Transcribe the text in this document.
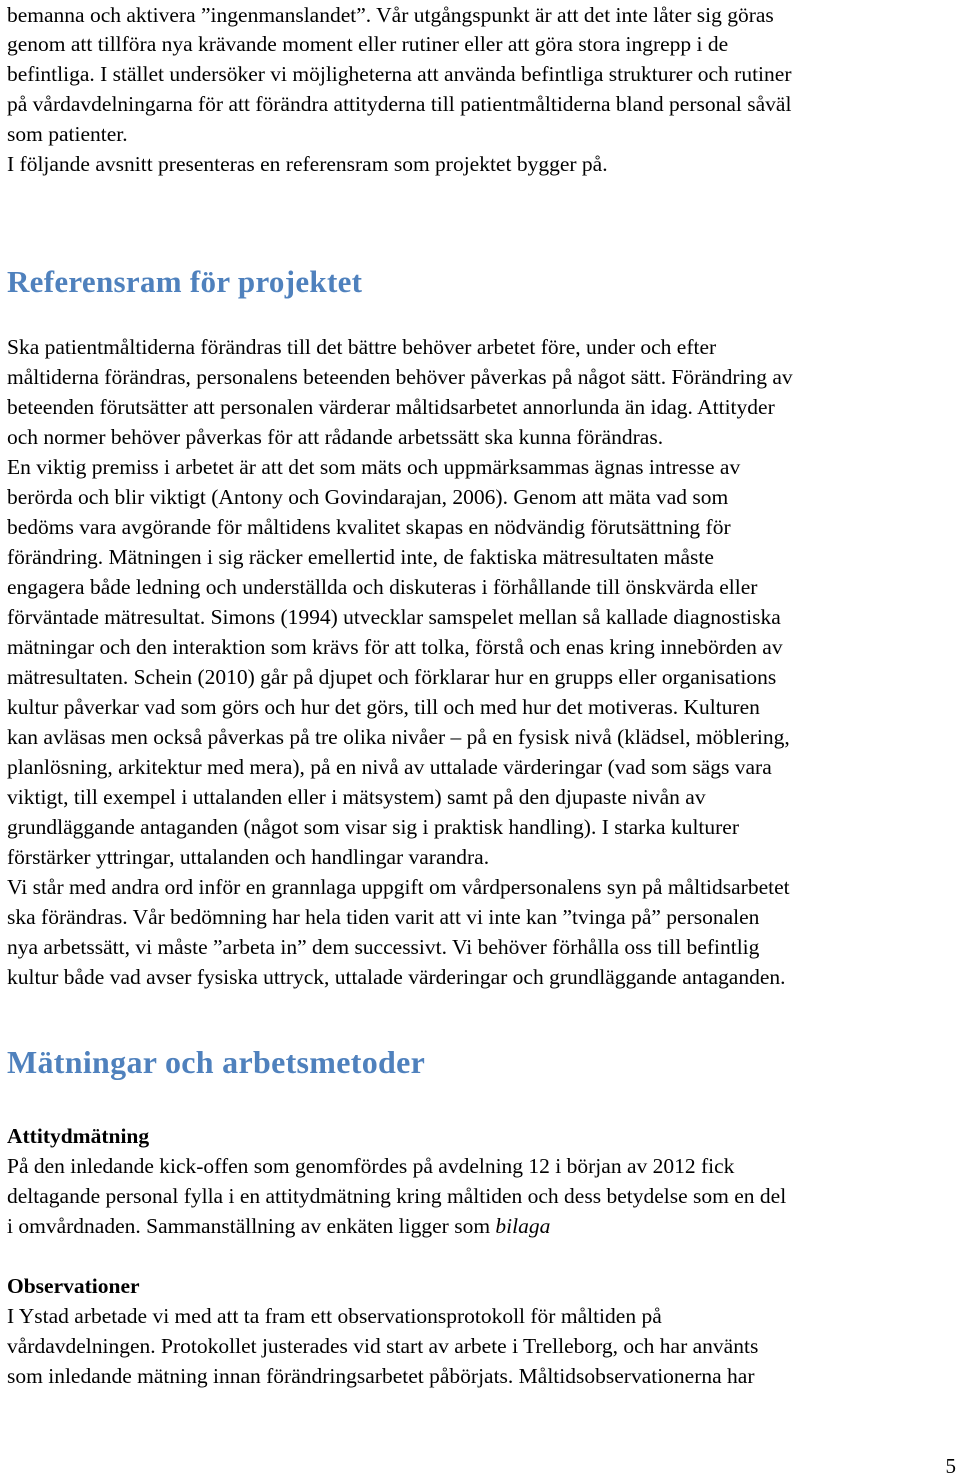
bemanna och aktivera ”ingenmanslandet”. Vår utgångspunkt är att det inte låter sig göras

genom att tillföra nya krävande moment eller rutiner eller att göra stora ingrepp i de

befintliga. I stället undersöker vi möjligheterna att använda befintliga strukturer och rutiner

på vårdavdelningarna för att förändra attityderna till patientmåltiderna bland personal såväl

som patienter.

I följande avsnitt presenteras en referensram som projektet bygger på.

Referensram för projektet

Ska patientmåltiderna förändras till det bättre behöver arbetet före, under och efter

måltiderna förändras, personalens beteenden behöver påverkas på något sätt. Förändring av

beteenden förutsätter att personalen värderar måltidsarbetet annorlunda än idag. Attityder

och normer behöver påverkas för att rådande arbetssätt ska kunna förändras.

En viktig premiss i arbetet är att det som mäts och uppmärksammas ägnas intresse av

berörda och blir viktigt (Antony och Govindarajan, 2006). Genom att mäta vad som

bedöms vara avgörande för måltidens kvalitet skapas en nödvändig förutsättning för

förändring. Mätningen i sig räcker emellertid inte, de faktiska mätresultaten måste

engagera både ledning och underställda och diskuteras i förhållande till önskvärda eller

förväntade mätresultat. Simons (1994) utvecklar samspelet mellan så kallade diagnostiska

mätningar och den interaktion som krävs för att tolka, förstå och enas kring innebörden av

mätresultaten. Schein (2010) går på djupet och förklarar hur en grupps eller organisations

kultur påverkar vad som görs och hur det görs, till och med hur det motiveras. Kulturen

kan avläsas men också påverkas på tre olika nivåer – på en fysisk nivå (klädsel, möblering,

planlösning, arkitektur med mera), på en nivå av uttalade värderingar (vad som sägs vara

viktigt, till exempel i uttalanden eller i mätsystem) samt på den djupaste nivån av

grundläggande antaganden (något som visar sig i praktisk handling). I starka kulturer

förstärker yttringar, uttalanden och handlingar varandra.

Vi står med andra ord inför en grannlaga uppgift om vårdpersonalens syn på måltidsarbetet

ska förändras. Vår bedömning har hela tiden varit att vi inte kan ”tvinga på” personalen

nya arbetssätt, vi måste ”arbeta in” dem successivt. Vi behöver förhålla oss till befintlig

kultur både vad avser fysiska uttryck, uttalade värderingar och grundläggande antaganden.

Mätningar och arbetsmetoder
Attitydmätning

På den inledande kick-offen som genomfördes på avdelning 12 i början av 2012 fick

deltagande personal fylla i en attitydmätning kring måltiden och dess betydelse som en del

i omvårdnaden. Sammanställning av enkäten ligger som bilaga

Observationer

I Ystad arbetade vi med att ta fram ett observationsprotokoll för måltiden på

vårdavdelningen. Protokollet justerades vid start av arbete i Trelleborg, och har använts

som inledande mätning innan förändringsarbetet påbörjats. Måltidsobservationerna har

5
